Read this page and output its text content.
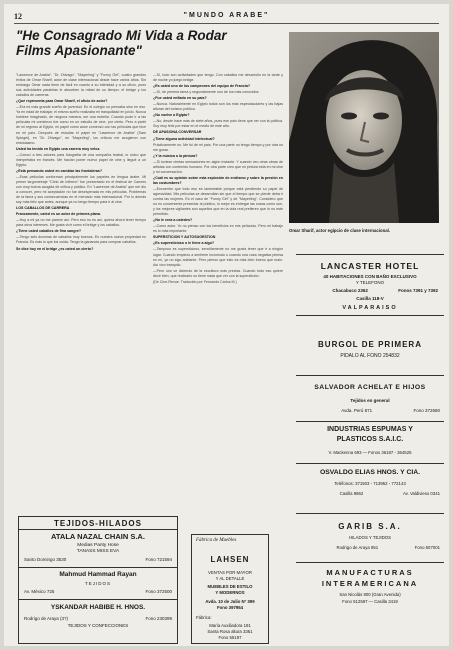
12	"MUNDO ARABE"
"He Consagrado Mi Vida a Rodar
Films Apasionante"

"Lawrence de Arabia", "Dr. Zhivago", "Mayerling" y "Funny Girl", cuatro grandes éxitos de Omar Sharif, actor de clase internacional desde hace varios años. Sin embargo Omar nada tiene de fácil en cuanto a su intimidad y a su oficio, pues sus actividades paralelas le absorben la mitad de su tiempo: el bridge y los caballos de carreras.

¿Qué representa para Omar Sharif, el oficio de actor?

—Era mi más grande sueño de juventud. En el colegio no pensaba sino en eso. Ya en edad de trabajar, el mismo sueño realizaba mi tranquilidad en juicio. Nunca hubiese imaginado, de ninguna manera, ser una estrella. Cuando pude ir a las películas mi comienzo fue como en un estudio de cine, por cierto. Pero a partir de mi regreso al Egipto, mi papel como actor comenzó con las películas que hice en mi país. Después de estudiar el papel en "Lawrence de Arabia" (Sam Spiegel), en "Dr. Zhivago", en "Mayerling", los críticos me acogieron con entusiasmo.

Usted ha tenido en Egipto una carrera muy veloz.

—Conocí a tres actores para fotografía de una compañía teatral, lo único que interpretaba en francés. Me hacían poner nuevo papel de cine y llegué a un Egipto.

¿Está pensando usted en cambiar las frontaleras?

—Esas películas conforman principalmente los papeles en lengua árabe. Mi primer largometraje "Cielo de Infierno" fue presentado en el festival de Cannes con muy buena acogida de crítica y público. En "Lawrence de Arabia" que me dio a conocer, pero mi aceptación no fue desesperada en mis películas. Problemas de la fama y sus consecuencias en el mercado más internacional. Por lo demás soy más feliz que antes, aunque ya no tengo tiempo para ir al cine.

LOS CABALLOS DE CARRERA

Francamente, usted es un actor de primera plana.

—Hoy a mi ya no me parece así. Pero eso no es así, quiera ahora tener tiempo para otros intereses. Me gusta vivir como el bridge y los caballos.

¿Tiene usted caballos de fina sangre?

—Tengo seis docenas de caballos muy buenos. En nuestra nueva propiedad en Francia. Es más lo que los cuida. Tengo la ganancia para comprar caballos.

Se dice hoy en el bridge ¿es usted un cierto?

—Sí, todo son actividades que tengo. Con caballos me desarrollo en la tarde y de noche yo juego bridge.

¿Es usted uno de los campeones del equipo de Francia?

—Sí, de primera tarea y segundamente uno de los más conocidos.

¿Fue usted enfiado en su país?

—Nunca. Naturalmente en Egipto todos son los más espectaculares y las bajas alturas del turismo político.

¿No vuelve a Egipto?

—No, desde hace más de siete años, pues ese país tiene que ver con la política. Soy muy feliz por estar en el medio de este año.

DE APASIONA CONVERSAR

¿Tiene alguna actividad intelectual?

Prácticamente no. Me fui de mi país. Por una parte no tengo tiempo y por otra no me gusta.

¿Y la música o la pintura?

—Si tuviese ciertas sensaciones en algún instante. Y cuando veo otras obras de artistas con contenido humano. Por otra parte creo que mi pintura está en mi cine y mi conversación.

¿Cuál es su opinión sobre esta explosión de erotismo y sobre la presión en las costumbres?

—Encuentro que todo eso es lamentable porque está perdiendo su papel de agresividad. Mis películas se desarrollan sin que el tiempo que se pierde deba ir contra las mujeres. Es el caso de "Funny Girl" y de "Mayerling". Considero que no es conveniente presentar al público, lo mejor es entregar las cosas como son, y los mejores vigilantes son aquellos que en la vida real prefieren que lo no esté permitido.

¿No le crea a ustedes?

—Como actor. Yo no pienso con los beneficios en mis películas. Pero mi trabajo es lo más importante.

SUPERSTICION Y AUTOSUGESTION

¿Es supersticioso o le tiene a algo?

—Tampoco es supersticioso, sencillamente no me gusta tener que ir a ningún lugar. Cuando empiezo a sentirme incómodo o cuando una cosa negativa piensa en mí, yo no sigo adelante. Pero pienso que esto es más bien bueno que malo. Así vivo tranquilo.

—Pero uno ve diciendo de la escultura más precisa. Cuando todo eso quiere decir bien, que realizarlo no tiene nada que ver con la superstición.

(De Cine-Revue. Traducido por Fernando Carlos M.)

Omar Sharif, actor egipcio de clase internacional.
TEJIDOS-HILADOS
ATALA NAZAL CHAIN S.A.
Medias Panty Hose
TANASS MISS EVA
Santo Domingo 3530	Fono 721594
Mahmud Hammad Rayan
TEJIDOS
Av. México 725	Fono 372500
YSKANDAR HABIBE H. HNOS.
Rodrigo de Araya (3?)	Fono 230399
TEJIDOS Y CONFECCIONES
Fábrica de Muebles
LAHSEN
VENTAS POR MAYOR
Y AL DETALLE
MUEBLES DE ESTILO
Y MODERNOS
Avda. 10 de Julio Nº 399
Fono 397954
Fábrica:
María Auxiliadora 191
Santa Rosa altura 3361
Fono 55197
LANCASTER HOTEL
40 HABITACIONES CON BAÑO EXCLUSIVO
Y TELEFONO
Chacabuco 2362	Fonos 7391 y 7392
Casilla 118-V
VALPARAISO
BURGOL DE PRIMERA
PIDALO AL FONO 254832
SALVADOR ACHELAT E HIJOS
Tejidos en general
Avda. Perú 871	Fono 372680
INDUSTRIAS ESPUMAS Y
PLASTICOS S.A.I.C.
V. Mackenna 693 — Fonos 36187 - 364525
OSVALDO ELIAS HNOS. Y CIA.
Teléfonos: 371503 - 713952 - 772143
Casilla 9862	Av. Valdivieso 0341
GARIB S.A.
HILADOS Y TEJIDOS
Rodrigo de Araya 951	Fono 507001
MANUFACTURAS
INTERAMERICANA
San Nicolás 800 (Gran Avenida)
Fono 512597 — Casilla 3419
